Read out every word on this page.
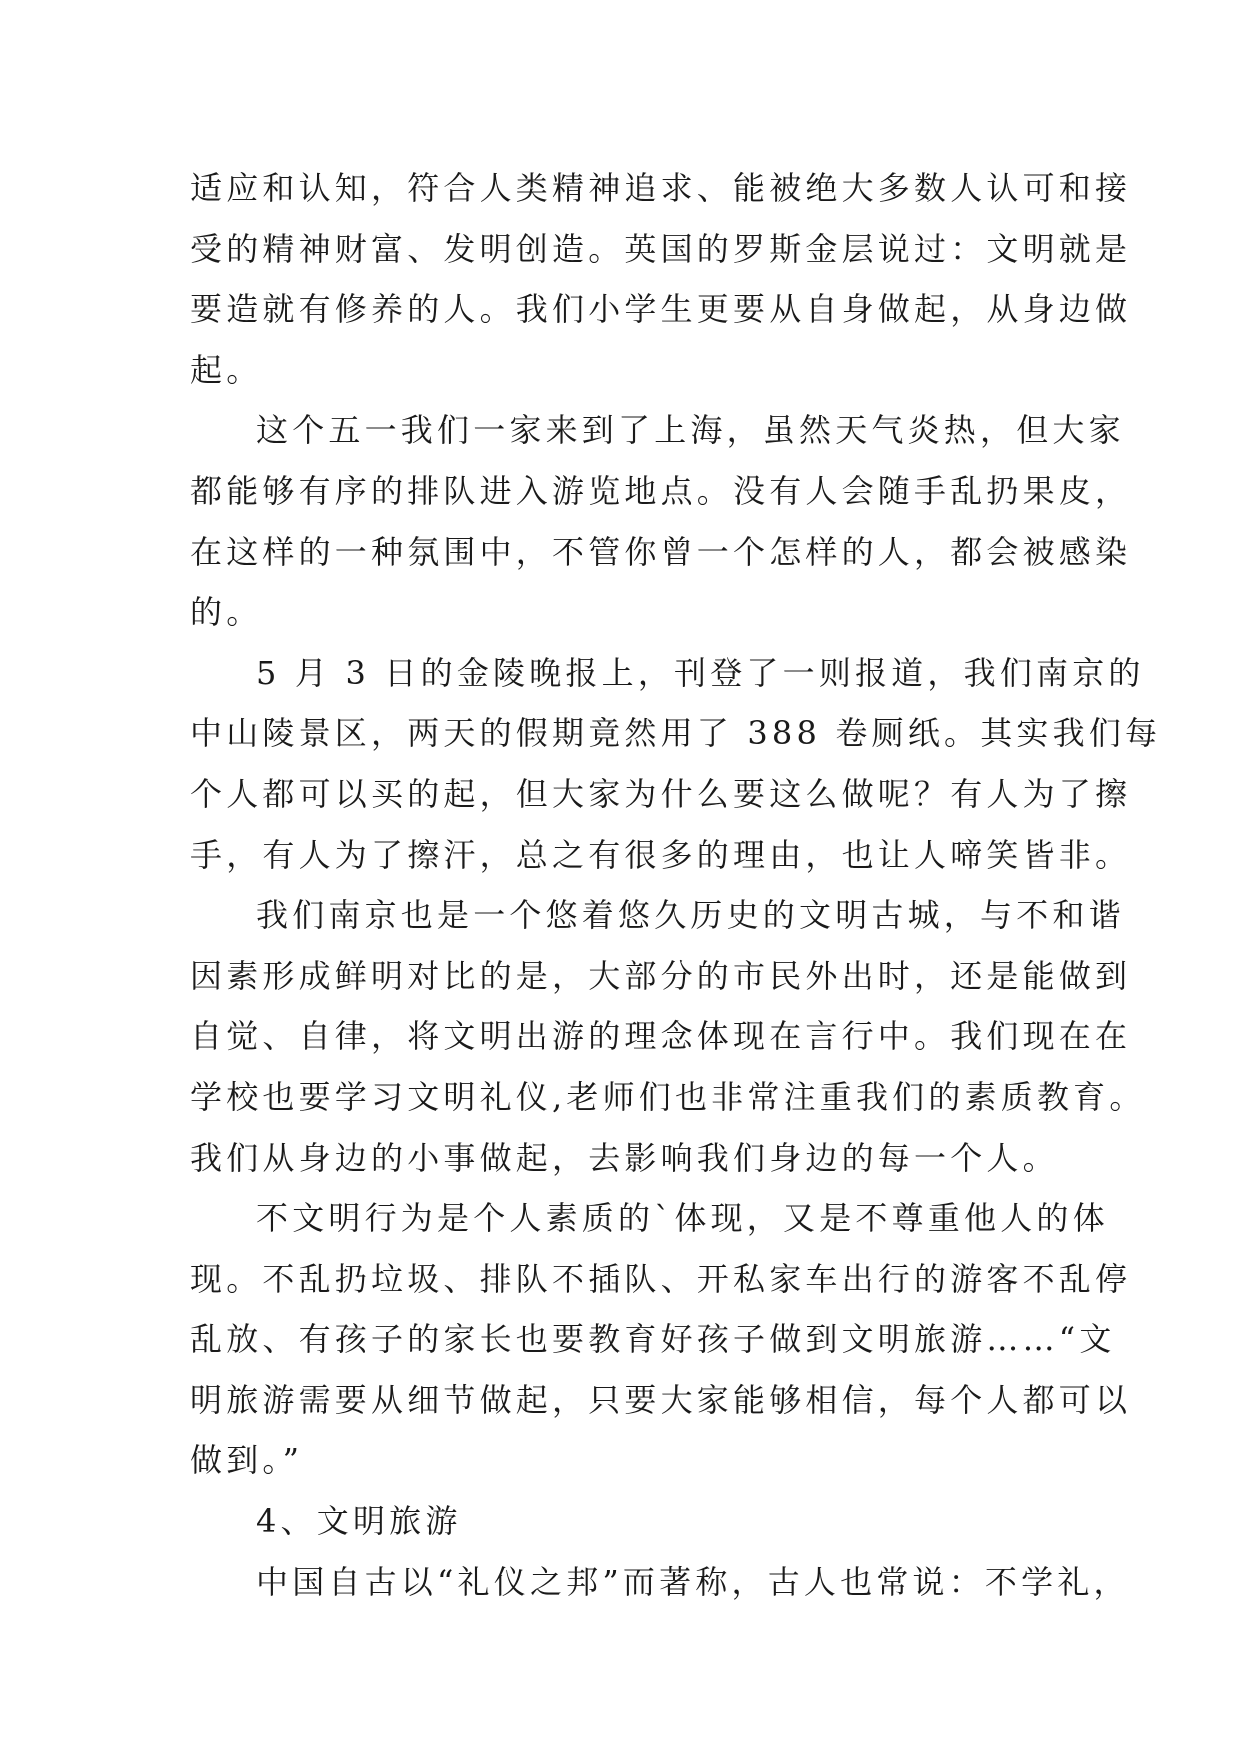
适应和认知，符合人类精神追求、能被绝大多数人认可和接
受的精神财富、发明创造。英国的罗斯金层说过：文明就是
要造就有修养的人。我们小学生更要从自身做起，从身边做
起。
这个五一我们一家来到了上海，虽然天气炎热，但大家
都能够有序的排队进入游览地点。没有人会随手乱扔果皮，
在这样的一种氛围中，不管你曾一个怎样的人，都会被感染
的。
5 月 3 日的金陵晚报上，刊登了一则报道，我们南京的
中山陵景区，两天的假期竟然用了 388 卷厕纸。其实我们每
个人都可以买的起，但大家为什么要这么做呢？有人为了擦
手，有人为了擦汗，总之有很多的理由，也让人啼笑皆非。
我们南京也是一个悠着悠久历史的文明古城，与不和谐
因素形成鲜明对比的是，大部分的市民外出时，还是能做到
自觉、自律，将文明出游的理念体现在言行中。我们现在在
学校也要学习文明礼仪,老师们也非常注重我们的素质教育。
我们从身边的小事做起，去影响我们身边的每一个人。
不文明行为是个人素质的`体现，又是不尊重他人的体
现。不乱扔垃圾、排队不插队、开私家车出行的游客不乱停
乱放、有孩子的家长也要教育好孩子做到文明旅游……“文
明旅游需要从细节做起，只要大家能够相信，每个人都可以
做到。”
4、文明旅游
中国自古以“礼仪之邦”而著称，古人也常说：不学礼，
